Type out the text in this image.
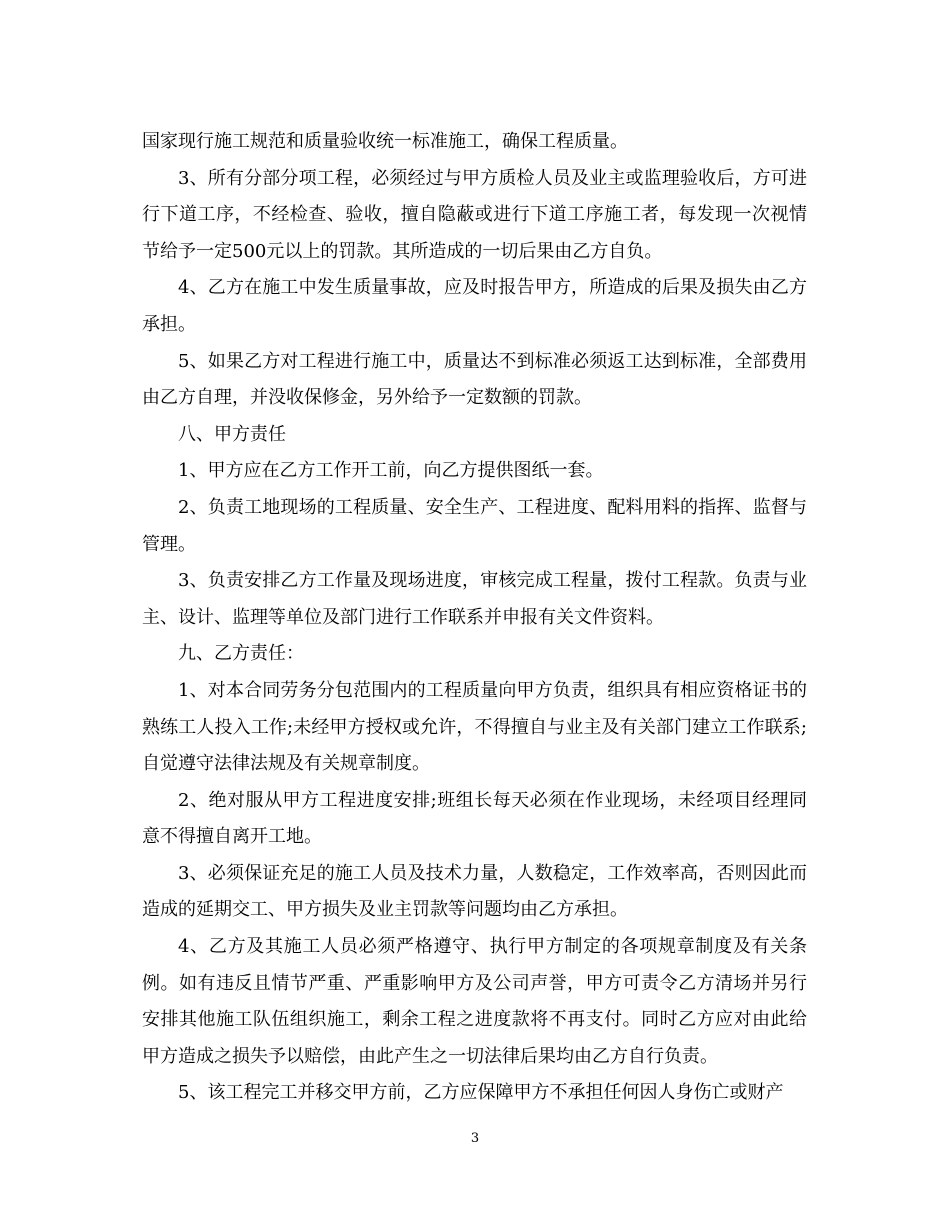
国家现行施工规范和质量验收统一标准施工，确保工程质量。

3、所有分部分项工程，必须经过与甲方质检人员及业主或监理验收后，方可进行下道工序，不经检查、验收，擅自隐蔽或进行下道工序施工者，每发现一次视情节给予一定500元以上的罚款。其所造成的一切后果由乙方自负。

4、乙方在施工中发生质量事故，应及时报告甲方，所造成的后果及损失由乙方承担。

5、如果乙方对工程进行施工中，质量达不到标准必须返工达到标准，全部费用由乙方自理，并没收保修金，另外给予一定数额的罚款。

八、甲方责任

1、甲方应在乙方工作开工前，向乙方提供图纸一套。

2、负责工地现场的工程质量、安全生产、工程进度、配料用料的指挥、监督与管理。

3、负责安排乙方工作量及现场进度，审核完成工程量，拨付工程款。负责与业主、设计、监理等单位及部门进行工作联系并申报有关文件资料。

九、乙方责任：

1、对本合同劳务分包范围内的工程质量向甲方负责，组织具有相应资格证书的熟练工人投入工作;未经甲方授权或允许，不得擅自与业主及有关部门建立工作联系;自觉遵守法律法规及有关规章制度。

2、绝对服从甲方工程进度安排;班组长每天必须在作业现场，未经项目经理同意不得擅自离开工地。

3、必须保证充足的施工人员及技术力量，人数稳定，工作效率高，否则因此而造成的延期交工、甲方损失及业主罚款等问题均由乙方承担。

4、乙方及其施工人员必须严格遵守、执行甲方制定的各项规章制度及有关条例。如有违反且情节严重、严重影响甲方及公司声誉，甲方可责令乙方清场并另行安排其他施工队伍组织施工，剩余工程之进度款将不再支付。同时乙方应对由此给甲方造成之损失予以赔偿，由此产生之一切法律后果均由乙方自行负责。

5、该工程完工并移交甲方前，乙方应保障甲方不承担任何因人身伤亡或财产

3
